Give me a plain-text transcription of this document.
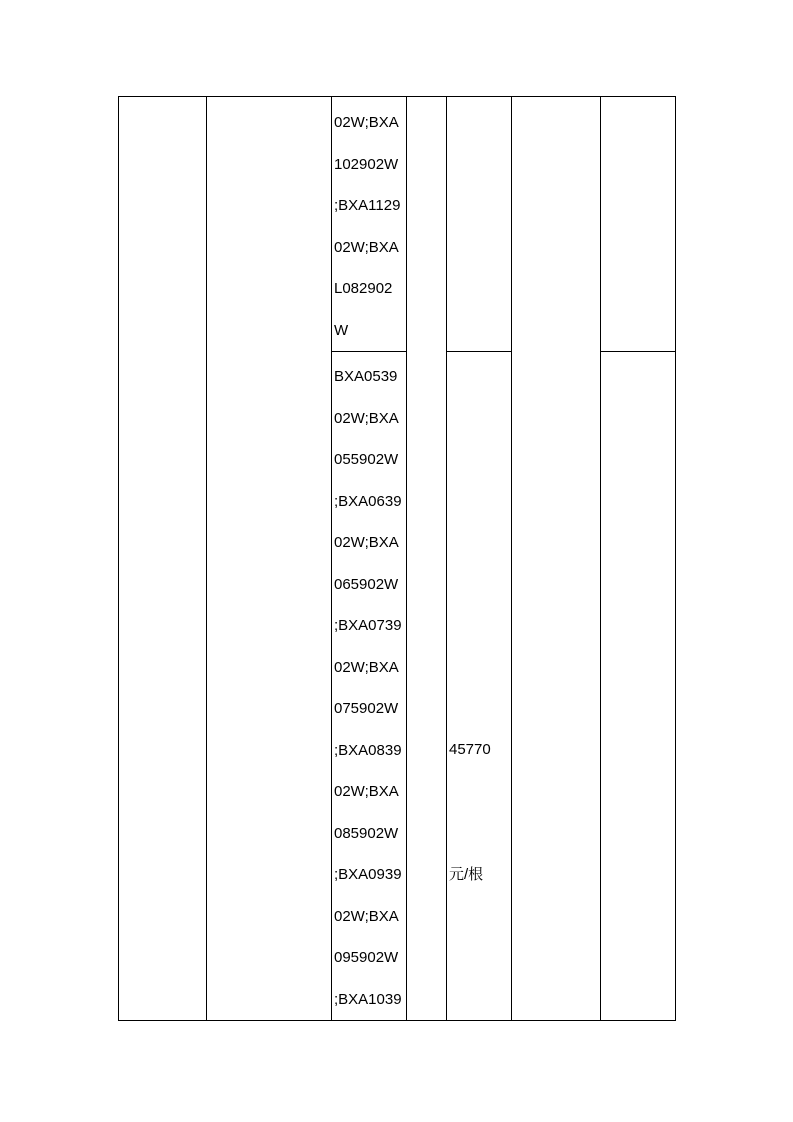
02W;BXA
102902W
;BXA1129
02W;BXA
L082902
W
BXA0539
02W;BXA
055902W
;BXA0639
02W;BXA
065902W
;BXA0739
02W;BXA
075902W
;BXA0839
02W;BXA
085902W
;BXA0939
02W;BXA
095902W
;BXA1039

45770

元/根
